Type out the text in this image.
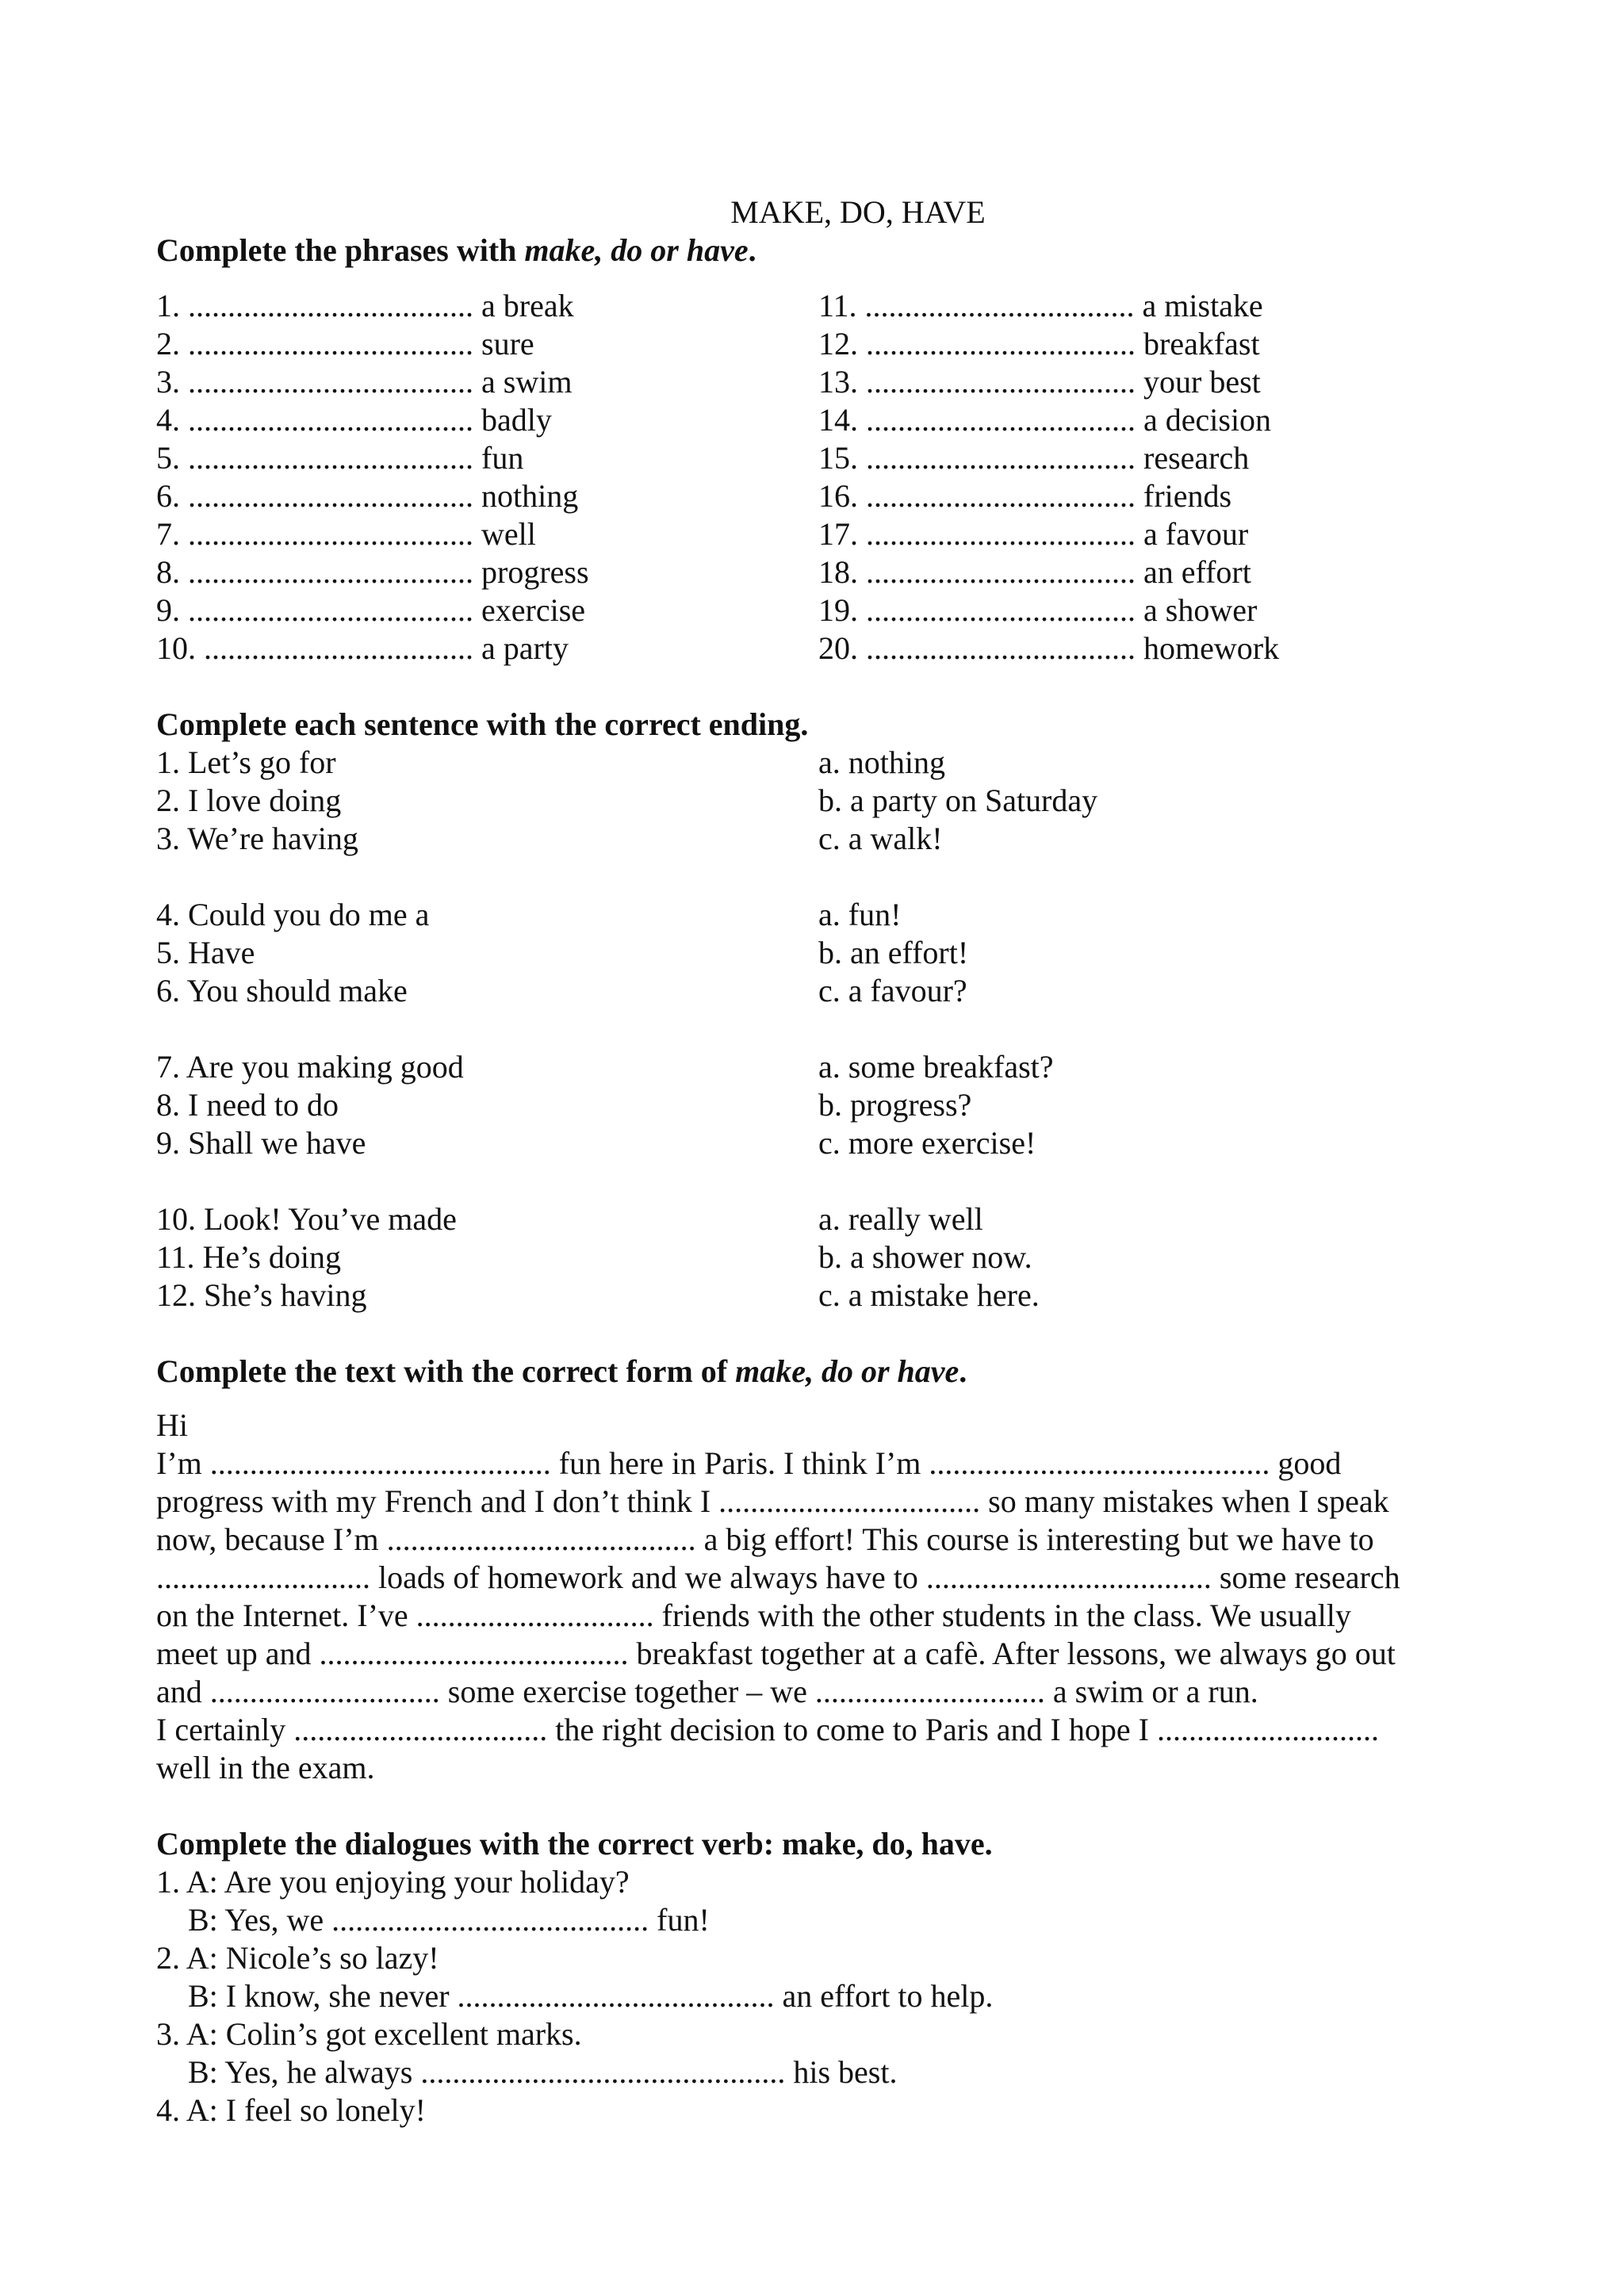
MAKE, DO, HAVE
Complete the phrases with make, do or have.
1. .................................... a break
2. .................................... sure
3. .................................... a swim
4. .................................... badly
5. .................................... fun
6. .................................... nothing
7. .................................... well
8. .................................... progress
9. .................................... exercise
10. .................................. a party
11. .................................. a mistake
12. .................................. breakfast
13. .................................. your best
14. .................................. a decision
15. .................................. research
16. .................................. friends
17. .................................. a favour
18. .................................. an effort
19. .................................. a shower
20. .................................. homework
Complete each sentence with the correct ending.
1. Let’s go for
2. I love doing
3. We’re having
a. nothing
b. a party on Saturday
c. a walk!
4. Could you do me a
5. Have
6. You should make
a. fun!
b. an effort!
c. a favour?
7. Are you making good
8. I need to do
9. Shall we have
a. some breakfast?
b. progress?
c. more exercise!
10. Look! You’ve made
11. He’s doing
12. She’s having
a. really well
b. a shower now.
c. a mistake here.
Complete the text with the correct form of make, do or have.
Hi
I’m ........................................... fun here in Paris. I think I’m ........................................... good
progress with my French and I don’t think I ................................. so many mistakes when I speak
now, because I’m ....................................... a big effort! This course is interesting but we have to
........................... loads of homework and we always have to .................................... some research
on the Internet. I’ve .............................. friends with the other students in the class. We usually
meet up and ....................................... breakfast together at a cafè. After lessons, we always go out
and ............................. some exercise together – we ............................. a swim or a run.
I certainly ................................ the right decision to come to Paris and I hope I ............................
well in the exam.
Complete the dialogues with the correct verb: make, do, have.
1. A: Are you enjoying your holiday?
B: Yes, we ........................................ fun!
2. A: Nicole’s so lazy!
B: I know, she never ........................................ an effort to help.
3. A: Colin’s got excellent marks.
B: Yes, he always .............................................. his best.
4. A: I feel so lonely!
